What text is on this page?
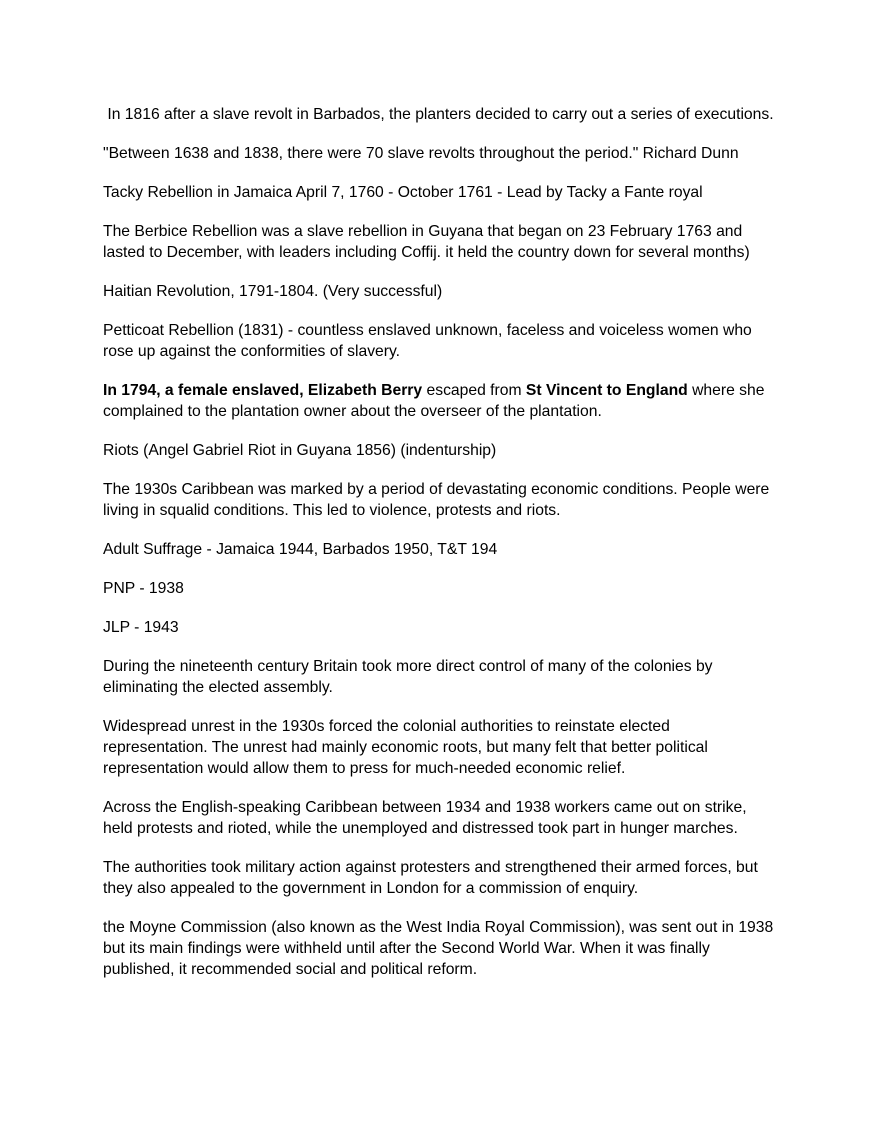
In 1816 after a slave revolt in Barbados, the planters decided to carry out a series of executions.

"Between 1638 and 1838, there were 70 slave revolts throughout the period." Richard Dunn

Tacky Rebellion in Jamaica April 7, 1760 - October 1761 - Lead by Tacky a Fante royal

The Berbice Rebellion was a slave rebellion in Guyana that began on 23 February 1763 and lasted to December, with leaders including Coffij. it held the country down for several months)

Haitian Revolution, 1791-1804. (Very successful)

Petticoat Rebellion (1831) - countless enslaved unknown, faceless and voiceless women who rose up against the conformities of slavery.

In 1794, a female enslaved, Elizabeth Berry escaped from St Vincent to England where she complained to the plantation owner about the overseer of the plantation.

Riots (Angel Gabriel Riot in Guyana 1856) (indenturship)

The 1930s Caribbean was marked by a period of devastating economic conditions. People were living in squalid conditions. This led to violence, protests and riots.

Adult Suffrage - Jamaica 1944, Barbados 1950, T&T 194

PNP - 1938

JLP - 1943

During the nineteenth century Britain took more direct control of many of the colonies by eliminating the elected assembly.

Widespread unrest in the 1930s forced the colonial authorities to reinstate elected representation. The unrest had mainly economic roots, but many felt that better political representation would allow them to press for much-needed economic relief.

Across the English-speaking Caribbean between 1934 and 1938 workers came out on strike, held protests and rioted, while the unemployed and distressed took part in hunger marches.

The authorities took military action against protesters and strengthened their armed forces, but they also appealed to the government in London for a commission of enquiry.

the Moyne Commission (also known as the West India Royal Commission), was sent out in 1938 but its main findings were withheld until after the Second World War. When it was finally published, it recommended social and political reform.
